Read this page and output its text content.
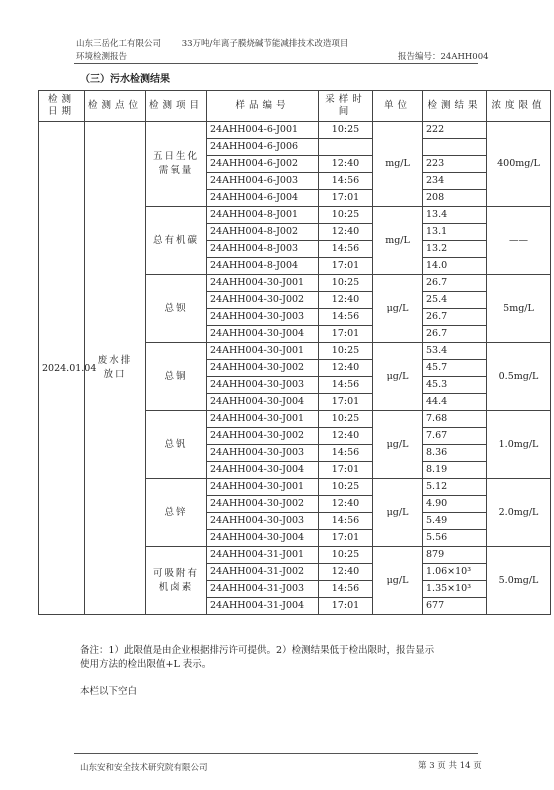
山东三岳化工有限公司 33万吨/年离子膜烧碱节能减排技术改造项目
环境检测报告	报告编号：24AHH004
（三）污水检测结果
检测日期	检测点位	检测项目	样品编号	采样时间	单位	检测结果	浓度限值
2024.01.04	废水排放口	五日生化需氧量	24AHH004-6-J001	10:25	mg/L	222	400mg/L
			24AHH004-6-J006				
			24AHH004-6-J002	12:40		223	
			24AHH004-6-J003	14:56		234	
			24AHH004-6-J004	17:01		208	
		总有机碳	24AHH004-8-J001	10:25	mg/L	13.4	——
			24AHH004-8-J002	12:40		13.1	
			24AHH004-8-J003	14:56		13.2	
			24AHH004-8-J004	17:01		14.0	
		总钡	24AHH004-30-J001	10:25	μg/L	26.7	5mg/L
			24AHH004-30-J002	12:40		25.4	
			24AHH004-30-J003	14:56		26.7	
			24AHH004-30-J004	17:01		26.7	
		总铜	24AHH004-30-J001	10:25	μg/L	53.4	0.5mg/L
			24AHH004-30-J002	12:40		45.7	
			24AHH004-30-J003	14:56		45.3	
			24AHH004-30-J004	17:01		44.4	
		总钒	24AHH004-30-J001	10:25	μg/L	7.68	1.0mg/L
			24AHH004-30-J002	12:40		7.67	
			24AHH004-30-J003	14:56		8.36	
			24AHH004-30-J004	17:01		8.19	
		总锌	24AHH004-30-J001	10:25	μg/L	5.12	2.0mg/L
			24AHH004-30-J002	12:40		4.90	
			24AHH004-30-J003	14:56		5.49	
			24AHH004-30-J004	17:01		5.56	
		可吸附有机卤素	24AHH004-31-J001	10:25	μg/L	879	5.0mg/L
			24AHH004-31-J002	12:40		1.06×10³	
			24AHH004-31-J003	14:56		1.35×10³	
			24AHH004-31-J004	17:01		677	

备注：1）此限值是由企业根据排污许可提供。2）检测结果低于检出限时，报告显示

使用方法的检出限值+L 表示。

本栏以下空白
山东安和安全技术研究院有限公司	第 3 页 共 14 页
